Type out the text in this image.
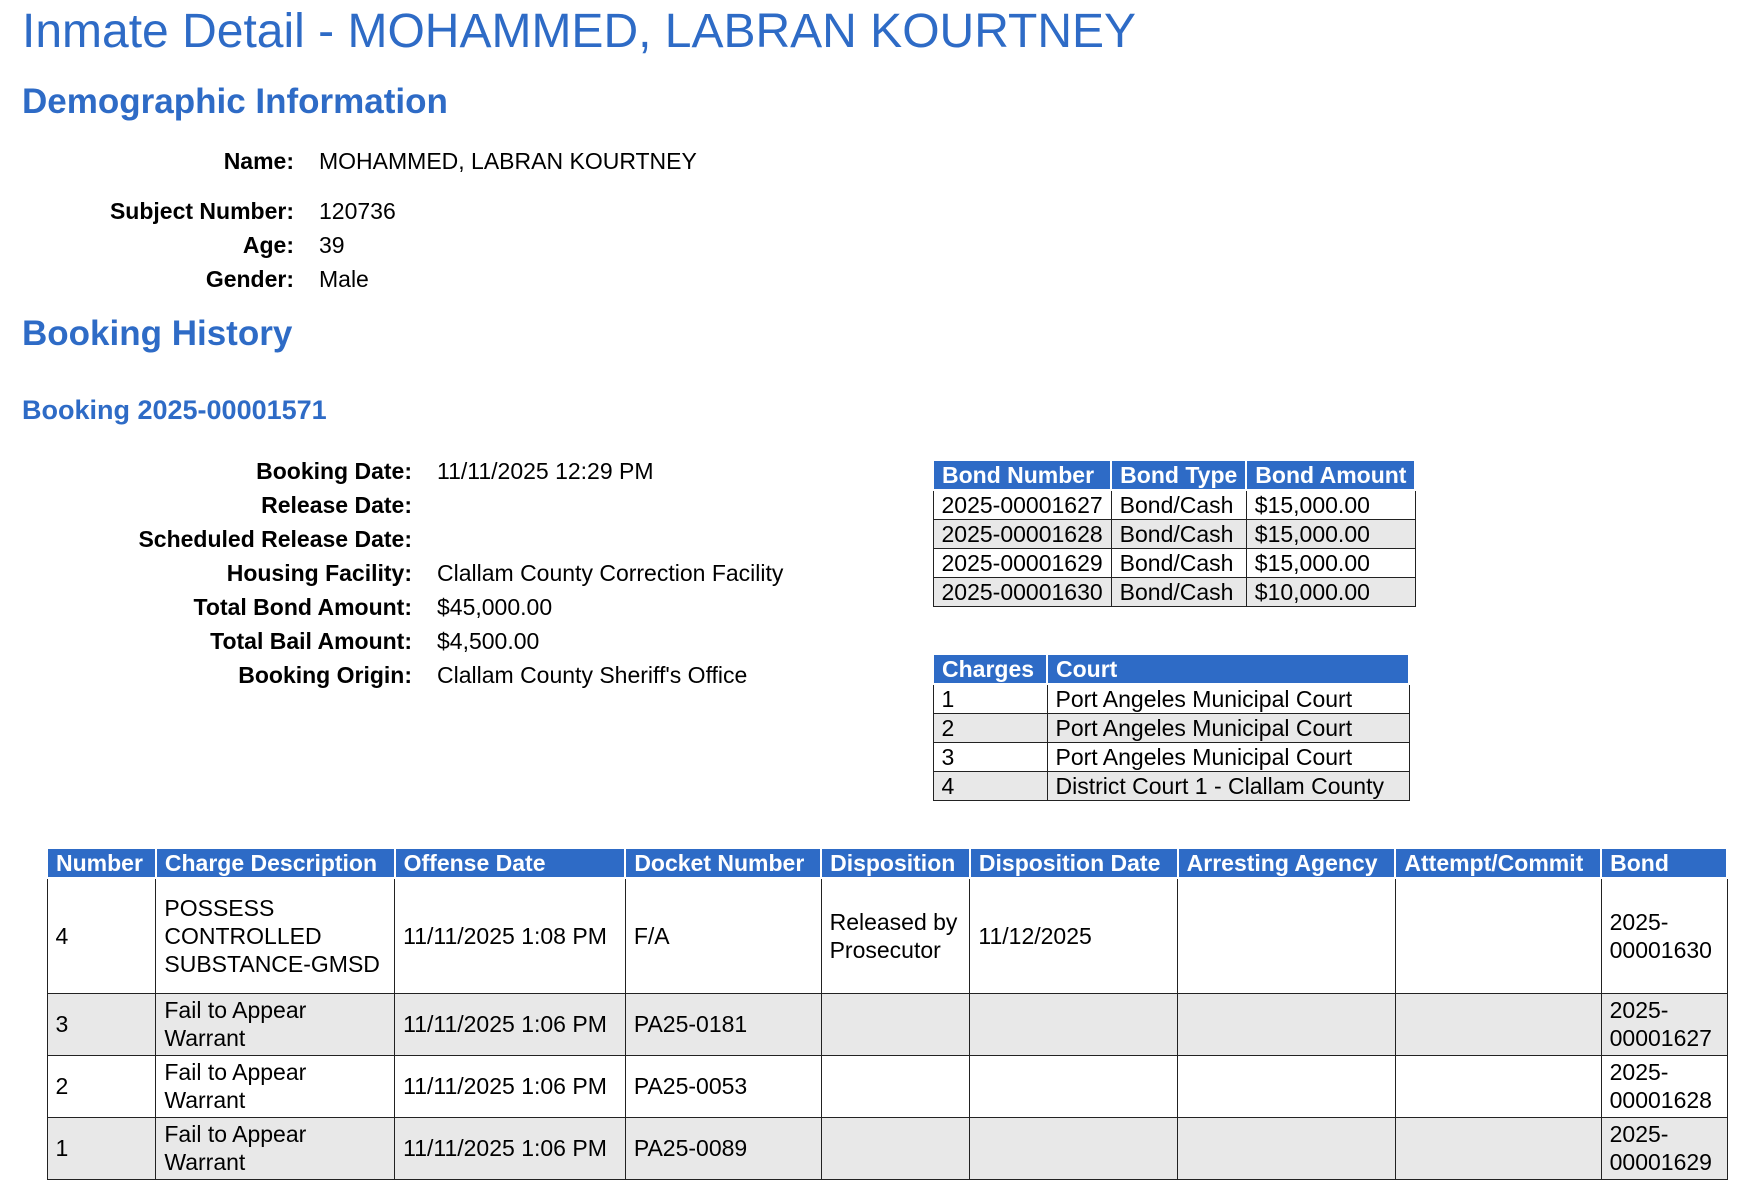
Inmate Detail - MOHAMMED, LABRAN KOURTNEY
Demographic Information
Name: MOHAMMED, LABRAN KOURTNEY
Subject Number: 120736
Age: 39
Gender: Male
Booking History
Booking 2025-00001571
Booking Date: 11/11/2025 12:29 PM
Release Date:
Scheduled Release Date:
Housing Facility: Clallam County Correction Facility
Total Bond Amount: $45,000.00
Total Bail Amount: $4,500.00
Booking Origin: Clallam County Sheriff's Office
Bond Number	Bond Type	Bond Amount
2025-00001627	Bond/Cash	$15,000.00
2025-00001628	Bond/Cash	$15,000.00
2025-00001629	Bond/Cash	$15,000.00
2025-00001630	Bond/Cash	$10,000.00
Charges	Court
1	Port Angeles Municipal Court
2	Port Angeles Municipal Court
3	Port Angeles Municipal Court
4	District Court 1 - Clallam County
Number	Charge Description	Offense Date	Docket Number	Disposition	Disposition Date	Arresting Agency	Attempt/Commit	Bond
4	POSSESS CONTROLLED SUBSTANCE-GMSD	11/11/2025 1:08 PM	F/A	Released by Prosecutor	11/12/2025			2025-00001630
3	Fail to Appear Warrant	11/11/2025 1:06 PM	PA25-0181					2025-00001627
2	Fail to Appear Warrant	11/11/2025 1:06 PM	PA25-0053					2025-00001628
1	Fail to Appear Warrant	11/11/2025 1:06 PM	PA25-0089					2025-00001629
